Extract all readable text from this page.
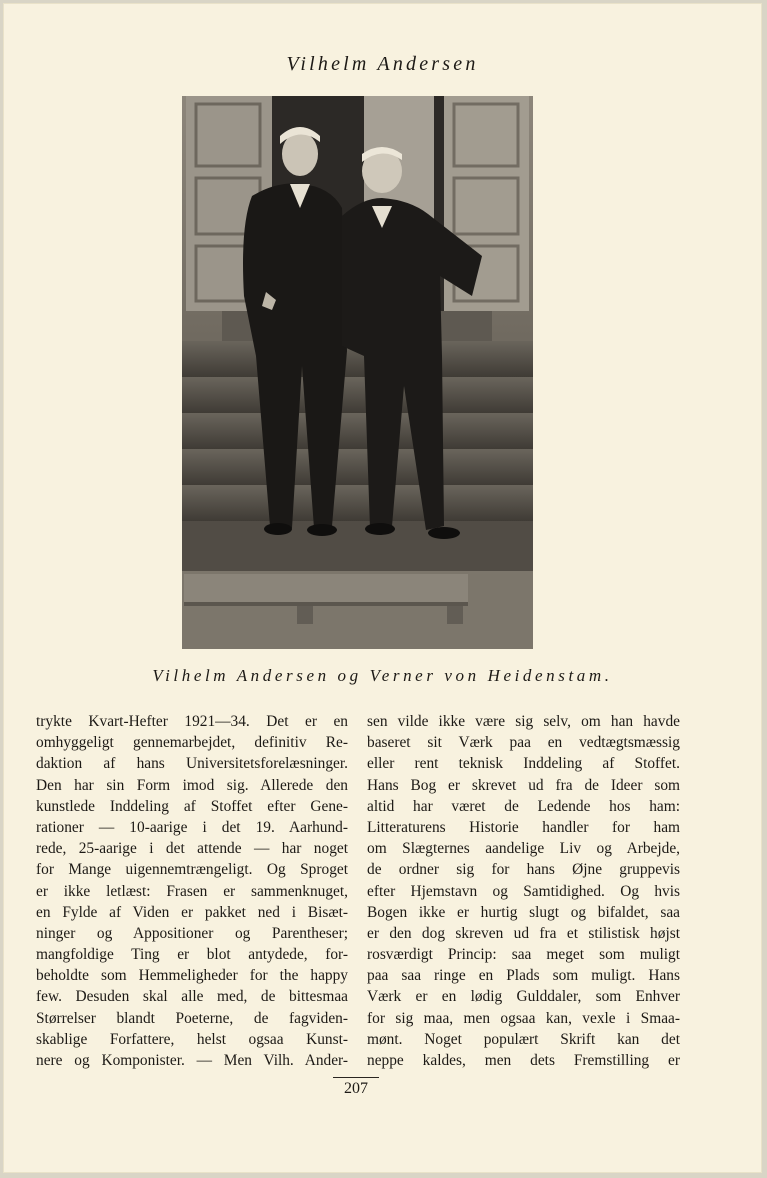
Vilhelm Andersen
Vilhelm Andersen og Verner von Heidenstam.
trykte Kvart-Hefter 1921—34. Det er en
omhyggeligt gennemarbejdet, definitiv Re-
daktion af hans Universitetsforelæsninger.
Den har sin Form imod sig. Allerede den
kunstlede Inddeling af Stoffet efter Gene-
rationer — 10-aarige i det 19. Aarhund-
rede, 25-aarige i det attende — har noget
for Mange uigennemtrængeligt. Og Sproget
er ikke letlæst: Frasen er sammenknuget,
en Fylde af Viden er pakket ned i Bisæt-
ninger og Appositioner og Parentheser;
mangfoldige Ting er blot antydede, for-
beholdte som Hemmeligheder for the happy
few. Desuden skal alle med, de bittesmaa
Størrelser blandt Poeterne, de fagviden-
skablige Forfattere, helst ogsaa Kunst-
nere og Komponister. — Men Vilh. Ander-
sen vilde ikke være sig selv, om han havde
baseret sit Værk paa en vedtægtsmæssig
eller rent teknisk Inddeling af Stoffet.
Hans Bog er skrevet ud fra de Ideer som
altid har været de Ledende hos ham:
Litteraturens Historie handler for ham
om Slægternes aandelige Liv og Arbejde,
de ordner sig for hans Øjne gruppevis
efter Hjemstavn og Samtidighed. Og hvis
Bogen ikke er hurtig slugt og bifaldet, saa
er den dog skreven ud fra et stilistisk højst
rosværdigt Princip: saa meget som muligt
paa saa ringe en Plads som muligt. Hans
Værk er en lødig Gulddaler, som Enhver
for sig maa, men ogsaa kan, vexle i Smaa-
mønt. Noget populært Skrift kan det
neppe kaldes, men dets Fremstilling er
207
